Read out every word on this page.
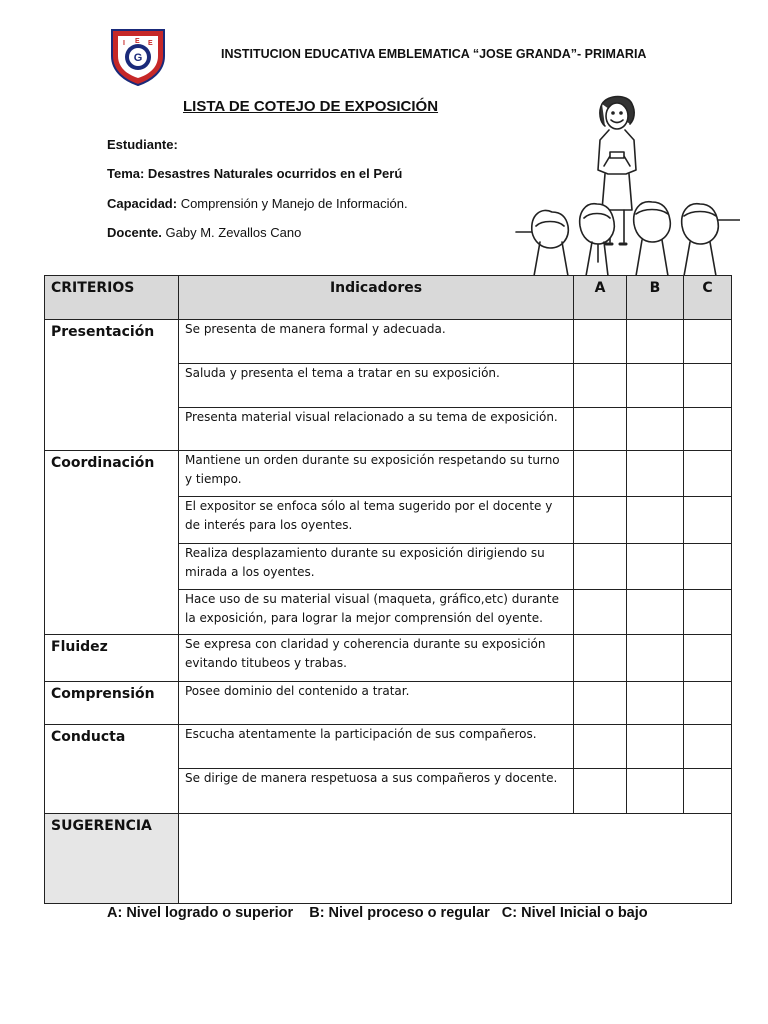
G
I E E
INSTITUCION EDUCATIVA EMBLEMATICA “JOSE GRANDA”- PRIMARIA
LISTA DE COTEJO DE EXPOSICIÓN
Estudiante:
Tema: Desastres Naturales ocurridos en el Perú
Capacidad: Comprensión y Manejo de Información.
Docente. Gaby M. Zevallos Cano
CRITERIOS	Indicadores	A	B	C
Presentación	Se presenta de manera formal y adecuada.			

	Saluda y presenta el tema a tratar en su exposición.			

	Presenta material visual relacionado a su tema de exposición.			

Coordinación	Mantiene un orden durante su exposición respetando su turno y tiempo.			

	El expositor se enfoca sólo al tema sugerido por el docente y de interés para los oyentes.			

	Realiza desplazamiento durante su exposición dirigiendo su mirada a los oyentes.			

	Hace uso de su material visual (maqueta, gráfico,etc) durante la exposición, para lograr la mejor comprensión del oyente.			

Fluidez	Se expresa con claridad y coherencia durante su exposición evitando titubeos y trabas.			

Comprensión	Posee dominio del contenido a tratar.			

Conducta	Escucha atentamente la participación de sus compañeros.			

	Se dirige de manera respetuosa a sus compañeros y docente.			

SUGERENCIA				
A: Nivel logrado o superior    B: Nivel proceso o regular   C: Nivel Inicial o bajo
